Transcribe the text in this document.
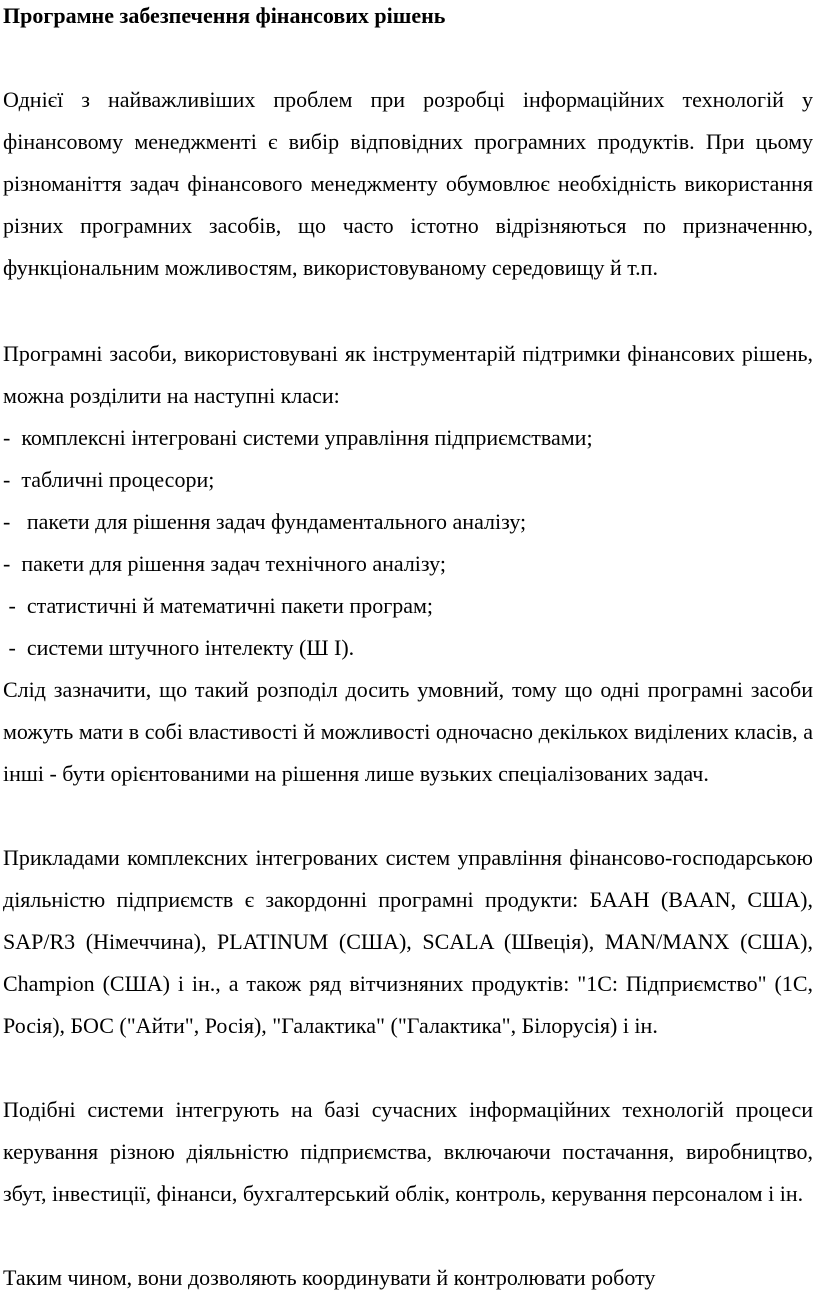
Програмне забезпечення фінансових рішень

Однієї з найважливіших проблем при розробці інформаційних технологій у фінансовому менеджменті є вибір відповідних програмних продуктів. При цьому різноманіття задач фінансового менеджменту обумовлює необхідність використання різних програмних засобів, що часто істотно відрізняються по призначенню, функціональним можливостям, використовуваному середовищу й т.п.

Програмні засоби, використовувані як інструментарій підтримки фінансових рішень, можна розділити на наступні класи:

-  комплексні інтегровані системи управління підприємствами;

-  табличні процесори;

-   пакети для рішення задач фундаментального аналізу;

-  пакети для рішення задач технічного аналізу;

-  статистичні й математичні пакети програм;

-  системи штучного інтелекту (Ш І).

Слід зазначити, що такий розподіл досить умовний, тому що одні програмні засоби можуть мати в собі властивості й можливості одночасно декількох виділених класів, а інші - бути орієнтованими на рішення лише вузьких спеціалізованих задач.

Прикладами комплексних інтегрованих систем управління фінансово-господарською діяльністю підприємств є закордонні програмні продукти: БААН (BAAN, США), SAP/R3 (Німеччина), PLATINUM (США), SCALA (Швеція), MAN/MANX (США), Champion (США) і ін., а також ряд вітчизняних продуктів: "1С: Підприємство" (1С, Росія), БОС ("Айти", Росія), "Галактика" ("Галактика", Білорусія) і ін.

Подібні системи інтегрують на базі сучасних інформаційних технологій процеси керування різною діяльністю підприємства, включаючи постачання, виробництво, збут, інвестиції, фінанси, бухгалтерський облік, контроль, керування персоналом і ін.

Таким чином, вони дозволяють координувати й контролювати роботу
